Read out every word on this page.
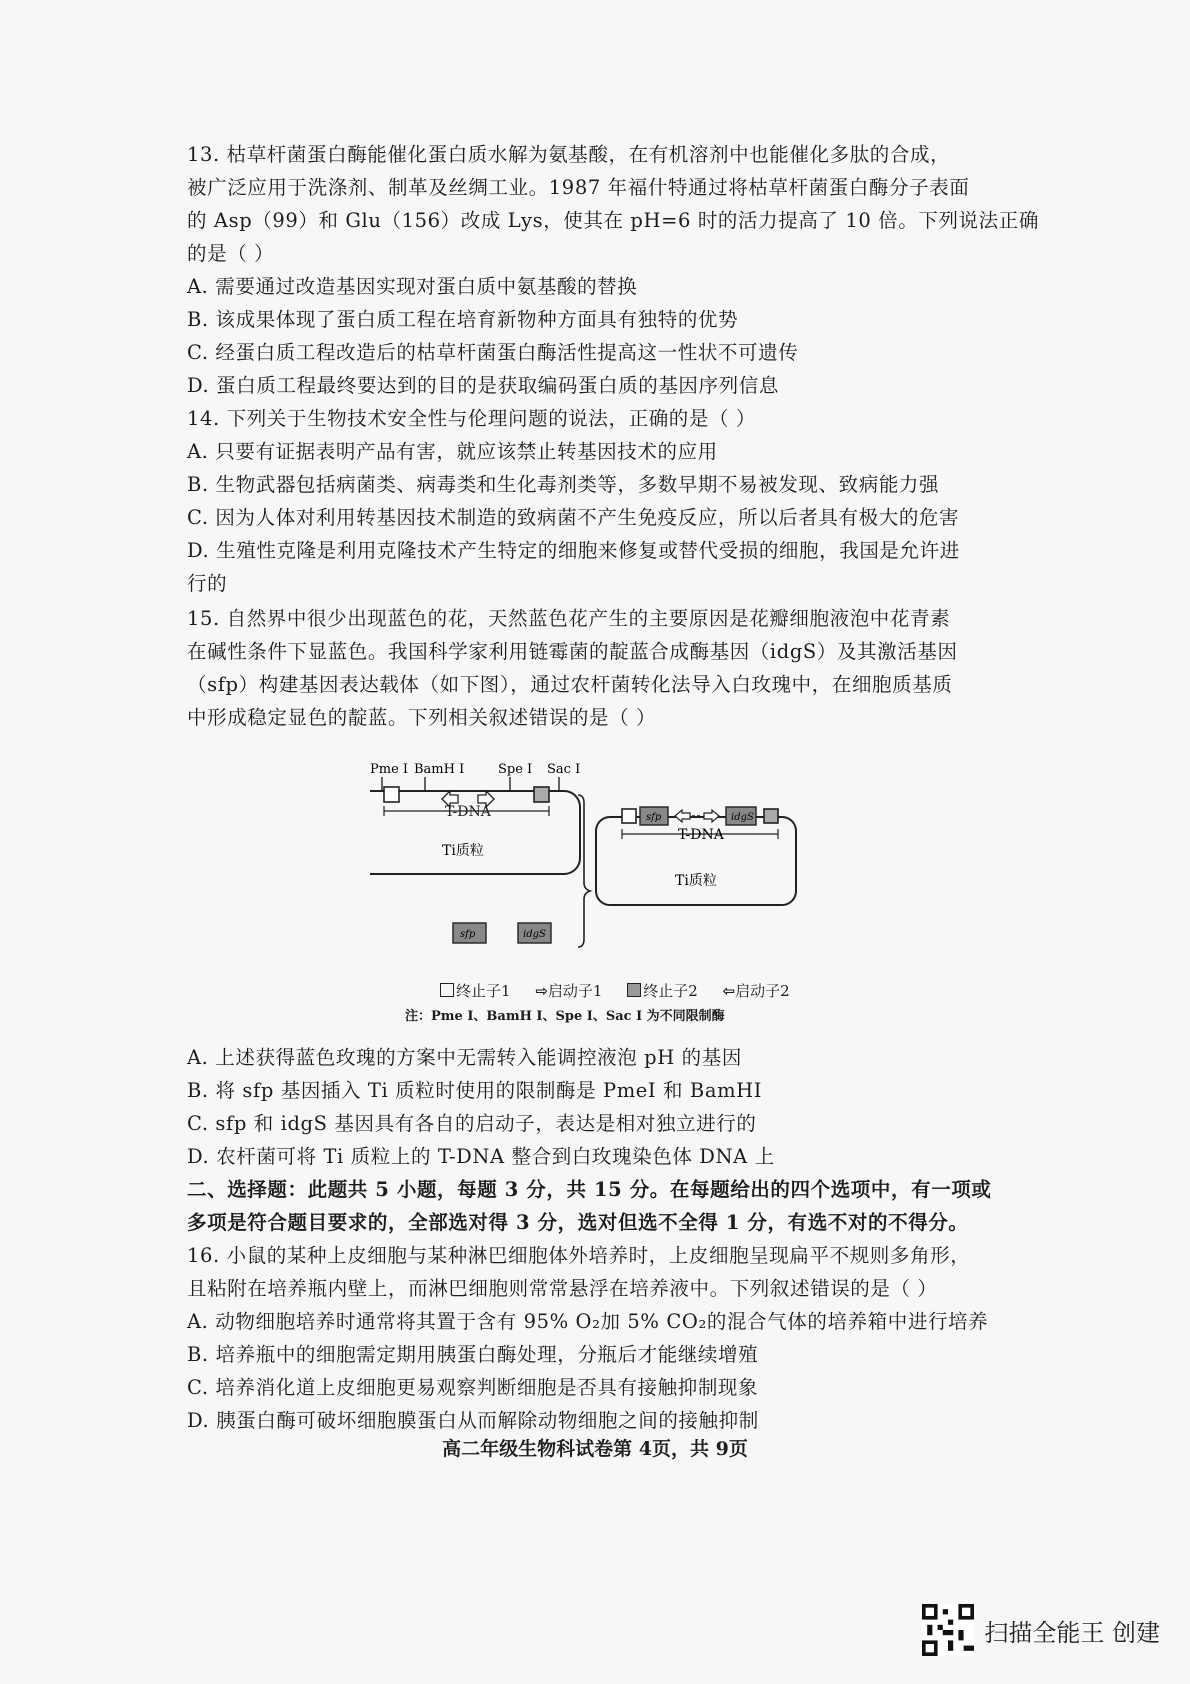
13. 枯草杆菌蛋白酶能催化蛋白质水解为氨基酸，在有机溶剂中也能催化多肽的合成，
被广泛应用于洗涤剂、制革及丝绸工业。1987 年福什特通过将枯草杆菌蛋白酶分子表面
的 Asp（99）和 Glu（156）改成 Lys，使其在 pH=6 时的活力提高了 10 倍。下列说法正确
的是（ ）
A. 需要通过改造基因实现对蛋白质中氨基酸的替换
B. 该成果体现了蛋白质工程在培育新物种方面具有独特的优势
C. 经蛋白质工程改造后的枯草杆菌蛋白酶活性提高这一性状不可遗传
D. 蛋白质工程最终要达到的目的是获取编码蛋白质的基因序列信息
14. 下列关于生物技术安全性与伦理问题的说法，正确的是（ ）
A. 只要有证据表明产品有害，就应该禁止转基因技术的应用
B. 生物武器包括病菌类、病毒类和生化毒剂类等，多数早期不易被发现、致病能力强
C. 因为人体对利用转基因技术制造的致病菌不产生免疫反应，所以后者具有极大的危害
D. 生殖性克隆是利用克隆技术产生特定的细胞来修复或替代受损的细胞，我国是允许进
行的
15. 自然界中很少出现蓝色的花，天然蓝色花产生的主要原因是花瓣细胞液泡中花青素
在碱性条件下显蓝色。我国科学家利用链霉菌的靛蓝合成酶基因（idgS）及其激活基因
（sfp）构建基因表达载体（如下图），通过农杆菌转化法导入白玫瑰中，在细胞质基质
中形成稳定显色的靛蓝。下列相关叙述错误的是（ ）
Pme I BamH I	Spe I Sac I
T-DNA
Ti质粒
sfp	idgS
T-DNA
Ti质粒
sfp	idgS
终止子1 ⇨启动子1	终止子2 ⇦启动子2
注：Pme I、BamH I、Spe I、Sac I 为不同限制酶
A. 上述获得蓝色玫瑰的方案中无需转入能调控液泡 pH 的基因
B. 将 sfp 基因插入 Ti 质粒时使用的限制酶是 PmeI 和 BamHI
C. sfp 和 idgS 基因具有各自的启动子，表达是相对独立进行的
D. 农杆菌可将 Ti 质粒上的 T-DNA 整合到白玫瑰染色体 DNA 上
二、选择题：此题共 5 小题，每题 3 分，共 15 分。在每题给出的四个选项中，有一项或
多项是符合题目要求的，全部选对得 3 分，选对但选不全得 1 分，有选不对的不得分。
16. 小鼠的某种上皮细胞与某种淋巴细胞体外培养时，上皮细胞呈现扁平不规则多角形，
且粘附在培养瓶内壁上，而淋巴细胞则常常悬浮在培养液中。下列叙述错误的是（ ）
A. 动物细胞培养时通常将其置于含有 95% O₂加 5% CO₂的混合气体的培养箱中进行培养
B. 培养瓶中的细胞需定期用胰蛋白酶处理，分瓶后才能继续增殖
C. 培养消化道上皮细胞更易观察判断细胞是否具有接触抑制现象
D. 胰蛋白酶可破坏细胞膜蛋白从而解除动物细胞之间的接触抑制
高二年级生物科试卷第 4页，共 9页
扫描全能王 创建
